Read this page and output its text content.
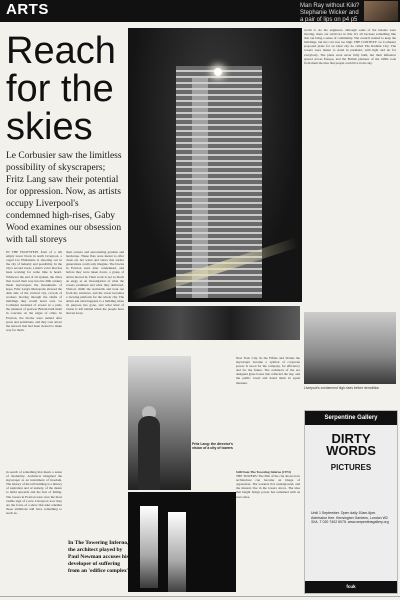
ARTS	Man Ray without Kiki? Stephanie Wicker and a pair of lips on p4 p5
Reach for the skies
Le Corbusier saw the limitless possibility of skyscrapers; Fritz Lang saw their potential for oppression. Now, as artists occupy Liverpool's condemned high-rises, Gaby Wood examines our obsession with tall storeys
IN THE FOOTSTEPS from of a tall empty tower block in north Liverpool, a caged Liz Philomena is shooting out in the city of industry and possibility. In the city's second tower, a man's voice that has been working for some time is heard. Whatever the end of all spoken, the cities that crowd their way into the 20th century made skyscrapers the monuments of hope. Fritz Lang's Metropolis showed the dark side of the vertical city, crowds of workers moving through the shafts of buildings they would never own. Le Corbusier dreamed of towers in a park; the planners of postwar Britain built them in concrete on the edges of cities. In Everton, the blocks were named after poets and politicians, and they rose above the terraces that had been cleared to make way for them.
their owners and surrounding gardens and landscape. These flats were meant to offer clean air, hot water and views that earlier generations could only imagine. The blocks in Everton were later condemned, and before they were taken down, a group of artists moved in. Their work is not so much an elegy as an investigation of what the towers promised and what they delivered. Visitors climb the stairwells and look out from the windows, and the tower becomes a viewing platform for the whole city. The artists ask what happens to a building when its purpose has gone, and what kind of vision is left behind when the people have moved away.
in search of something that meets a sense of modernity. Architects imagined the skyscraper as an instrument of freedom. The history of the tall building is a history of aspiration and of anxiety, of the desire to build upwards and the fear of falling. The towers in Everton were once the most visible sign of a new Liverpool; now they are the focus of a show that asks whether those ambitions still have something to teach us.
worth it. As the engineers, although some of the tenants were moving, there are survivors in this. It's all because something like this can bring a sense of community. The council wanted to keep the buildings, but the cost was too high. THE CONTEXT: Le Corbusier proposed plans for an ideal city he called The Radiant City. The towers were meant to stand in parkland, with light and air for everybody. The plans were never fully built, but their influence spread across Europe, and the British planners of the 1960s took from them the idea that people could live in the sky.
Liverpool's condemned high-rises before demolition
Fritz Lang: the director's vision of a city of towers
New York City. In the Fifties and Sixties the skyscraper became a symbol of corporate power. It stood for the company, for efficiency and for the future. The architects of the era designed glass boxes that reflected the sky, and the public loved and hated them in equal measure.
In The Towering Inferno, the architect played by Paul Newman accuses his developer of suffering from an 'edifice complex'
Still from The Towering Inferno (1974)
THE TOWERS: The film of the city shows how architecture can become an image of oppression. The workers live underground, and the masters live in the towers above. The idea that height brings power has remained with us ever since.
Serpentine Gallery
DIRTY WORDS
PICTURES
Until 1 September. Open daily 10am-6pm. Admission free. Kensington Gardens, London W2 3XA. T 020 7402 6075. www.serpentinegallery.org
fcuk
